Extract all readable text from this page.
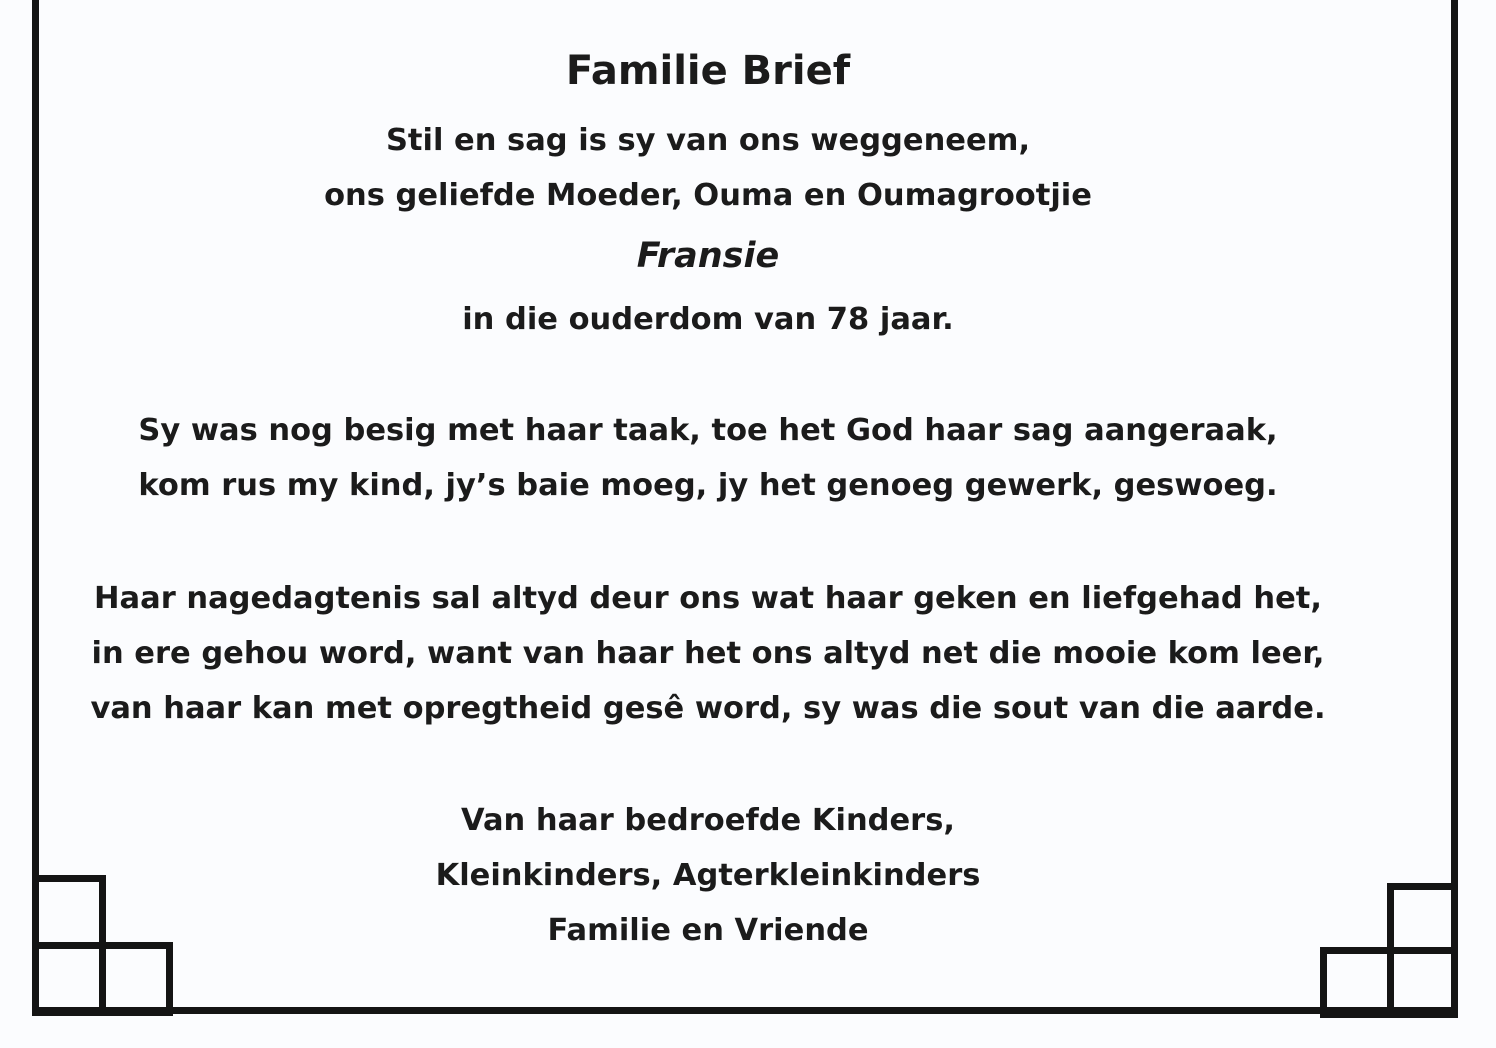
Familie Brief
Stil en sag is sy van ons weggeneem,
ons geliefde Moeder, Ouma en Oumagrootjie
Fransie
in die ouderdom van 78 jaar.
Sy was nog besig met haar taak, toe het God haar sag aangeraak,
kom rus my kind, jy’s baie moeg, jy het genoeg gewerk, geswoeg.
Haar nagedagtenis sal altyd deur ons wat haar geken en liefgehad het,
in ere gehou word, want van haar het ons altyd net die mooie kom leer,
van haar kan met opregtheid gesê word, sy was die sout van die aarde.
Van haar bedroefde Kinders,
Kleinkinders, Agterkleinkinders
Familie en Vriende
